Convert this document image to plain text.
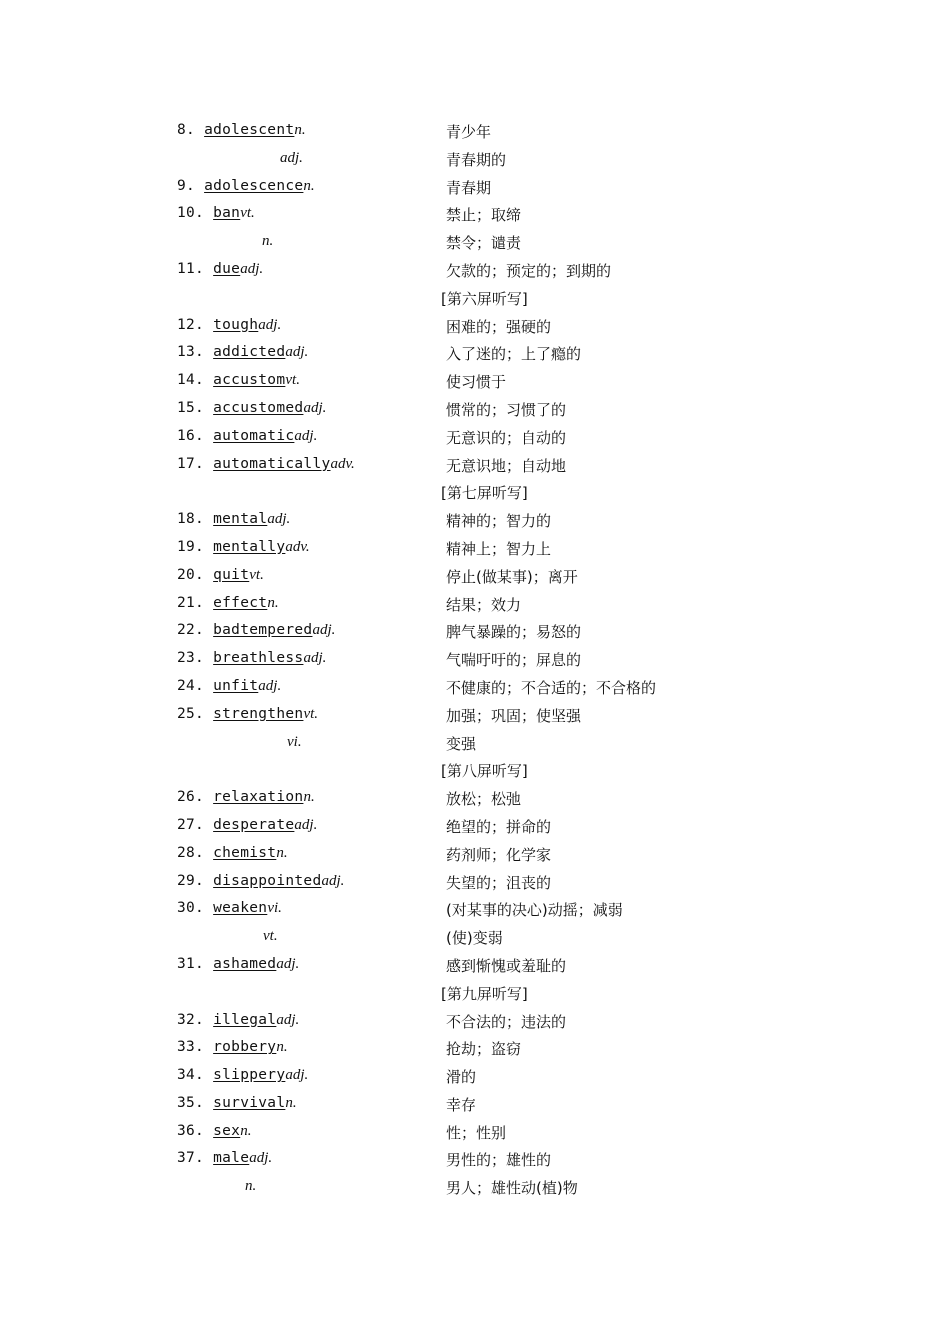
8. adolescentn.	青少年
adj.	青春期的
9. adolescencen.	青春期
10. banvt.	禁止；取缔
n.	禁令；谴责
11. dueadj.	欠款的；预定的；到期的
[第六屏听写]
12. toughadj.	困难的；强硬的
13. addictedadj.	入了迷的；上了瘾的
14. accustomvt.	使习惯于
15. accustomedadj.	惯常的；习惯了的
16. automaticadj.	无意识的；自动的
17. automaticallyadv.	无意识地；自动地
[第七屏听写]
18. mentaladj.	精神的；智力的
19. mentallyadv.	精神上；智力上
20. quitvt.	停止(做某事)；离开
21. effectn.	结果；效力
22. badtemperedadj.	脾气暴躁的；易怒的
23. breathlessadj.	气喘吁吁的；屏息的
24. unfitadj.	不健康的；不合适的；不合格的
25. strengthenvt.	加强；巩固；使坚强
vi.	变强
[第八屏听写]
26. relaxationn.	放松；松弛
27. desperateadj.	绝望的；拼命的
28. chemistn.	药剂师；化学家
29. disappointedadj.	失望的；沮丧的
30. weakenvi.	(对某事的决心)动摇；减弱
vt.	(使)变弱
31. ashamedadj.	感到惭愧或羞耻的
[第九屏听写]
32. illegaladj.	不合法的；违法的
33. robberyn.	抢劫；盗窃
34. slipperyadj.	滑的
35. survivaln.	幸存
36. sexn.	性；性别
37. maleadj.	男性的；雄性的
n.	男人；雄性动(植)物
